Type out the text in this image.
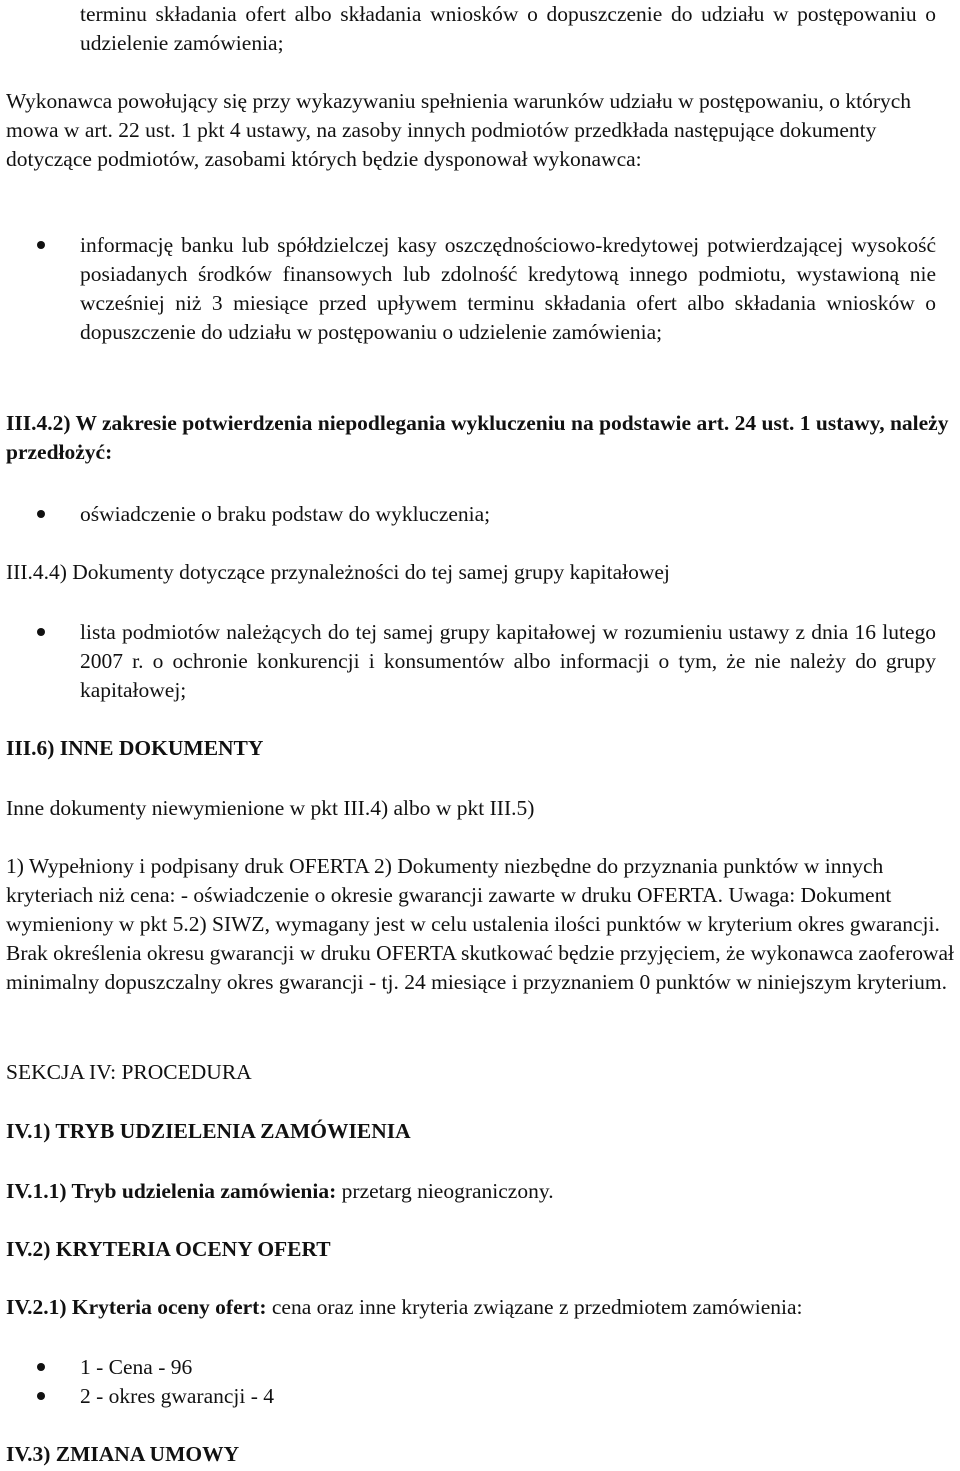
terminu składania ofert albo składania wniosków o dopuszczenie do udziału w postępowaniu o udzielenie zamówienia;

Wykonawca powołujący się przy wykazywaniu spełnienia warunków udziału w postępowaniu, o których mowa w art. 22 ust. 1 pkt 4 ustawy, na zasoby innych podmiotów przedkłada następujące dokumenty dotyczące podmiotów, zasobami których będzie dysponował wykonawca:

informację banku lub spółdzielczej kasy oszczędnościowo-kredytowej potwierdzającej wysokość posiadanych środków finansowych lub zdolność kredytową innego podmiotu, wystawioną nie wcześniej niż 3 miesiące przed upływem terminu składania ofert albo składania wniosków o dopuszczenie do udziału w postępowaniu o udzielenie zamówienia;

III.4.2) W zakresie potwierdzenia niepodlegania wykluczeniu na podstawie art. 24 ust. 1 ustawy, należy przedłożyć:

oświadczenie o braku podstaw do wykluczenia;

III.4.4) Dokumenty dotyczące przynależności do tej samej grupy kapitałowej

lista podmiotów należących do tej samej grupy kapitałowej w rozumieniu ustawy z dnia 16 lutego 2007 r. o ochronie konkurencji i konsumentów albo informacji o tym, że nie należy do grupy kapitałowej;

III.6) INNE DOKUMENTY

Inne dokumenty niewymienione w pkt III.4) albo w pkt III.5)

1) Wypełniony i podpisany druk OFERTA 2) Dokumenty niezbędne do przyznania punktów w innych kryteriach niż cena: - oświadczenie o okresie gwarancji zawarte w druku OFERTA. Uwaga: Dokument wymieniony w pkt 5.2) SIWZ, wymagany jest w celu ustalenia ilości punktów w kryterium okres gwarancji. Brak określenia okresu gwarancji w druku OFERTA skutkować będzie przyjęciem, że wykonawca zaoferował minimalny dopuszczalny okres gwarancji - tj. 24 miesiące i przyznaniem 0 punktów w niniejszym kryterium.

SEKCJA IV: PROCEDURA

IV.1) TRYB UDZIELENIA ZAMÓWIENIA

IV.1.1) Tryb udzielenia zamówienia: przetarg nieograniczony.

IV.2) KRYTERIA OCENY OFERT

IV.2.1) Kryteria oceny ofert: cena oraz inne kryteria związane z przedmiotem zamówienia:

1 - Cena - 96

2 - okres gwarancji - 4

IV.3) ZMIANA UMOWY
